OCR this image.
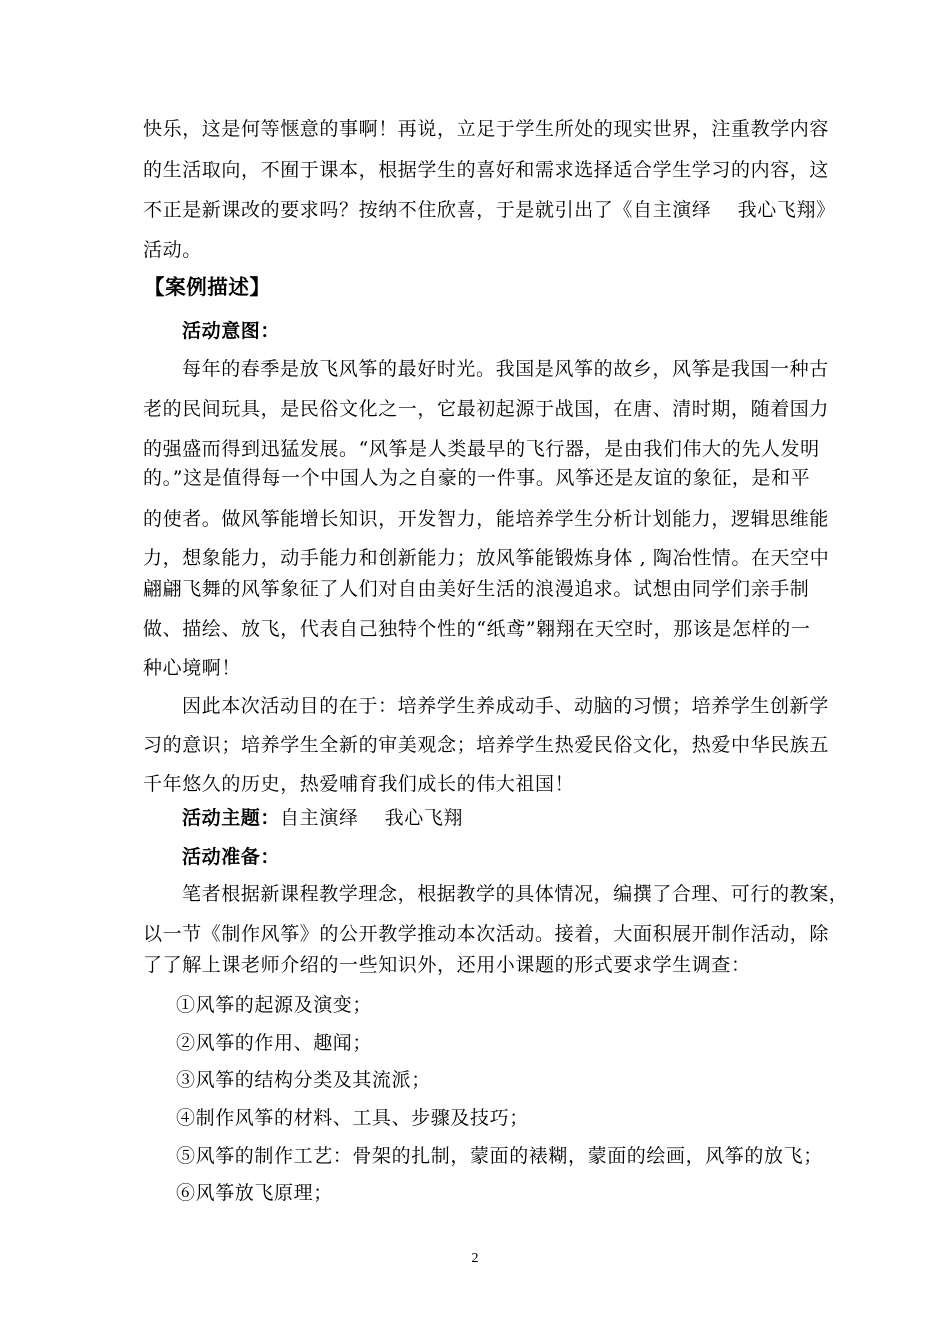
快乐，这是何等惬意的事啊！再说，立足于学生所处的现实世界，注重教学内容
的生活取向，不囿于课本，根据学生的喜好和需求选择适合学生学习的内容，这
不正是新课改的要求吗？按纳不住欣喜，于是就引出了《自主演绎　 我心飞翔》
活动。
【案例描述】
活动意图：
每年的春季是放飞风筝的最好时光。我国是风筝的故乡，风筝是我国一种古
老的民间玩具，是民俗文化之一，它最初起源于战国，在唐、清时期，随着国力
的强盛而得到迅猛发展。“风筝是人类最早的飞行器，是由我们伟大的先人发明
的。”这是值得每一个中国人为之自豪的一件事。风筝还是友谊的象征，是和平
的使者。做风筝能增长知识，开发智力，能培养学生分析计划能力，逻辑思维能
力，想象能力，动手能力和创新能力；放风筝能锻炼身体 , 陶冶性情。在天空中
翩翩飞舞的风筝象征了人们对自由美好生活的浪漫追求。试想由同学们亲手制
做、描绘、放飞，代表自己独特个性的“纸鸢”翱翔在天空时，那该是怎样的一
种心境啊！
因此本次活动目的在于：培养学生养成动手、动脑的习惯；培养学生创新学
习的意识；培养学生全新的审美观念；培养学生热爱民俗文化，热爱中华民族五
千年悠久的历史，热爱哺育我们成长的伟大祖国！
活动主题：自主演绎　 我心飞翔
活动准备：
笔者根据新课程教学理念，根据教学的具体情况，编撰了合理、可行的教案，
以一节《制作风筝》的公开教学推动本次活动。接着，大面积展开制作活动，除
了了解上课老师介绍的一些知识外，还用小课题的形式要求学生调查：
①风筝的起源及演变；
②风筝的作用、趣闻；
③风筝的结构分类及其流派；
④制作风筝的材料、工具、步骤及技巧；
⑤风筝的制作工艺：骨架的扎制，蒙面的裱糊，蒙面的绘画，风筝的放飞；
⑥风筝放飞原理；
2
